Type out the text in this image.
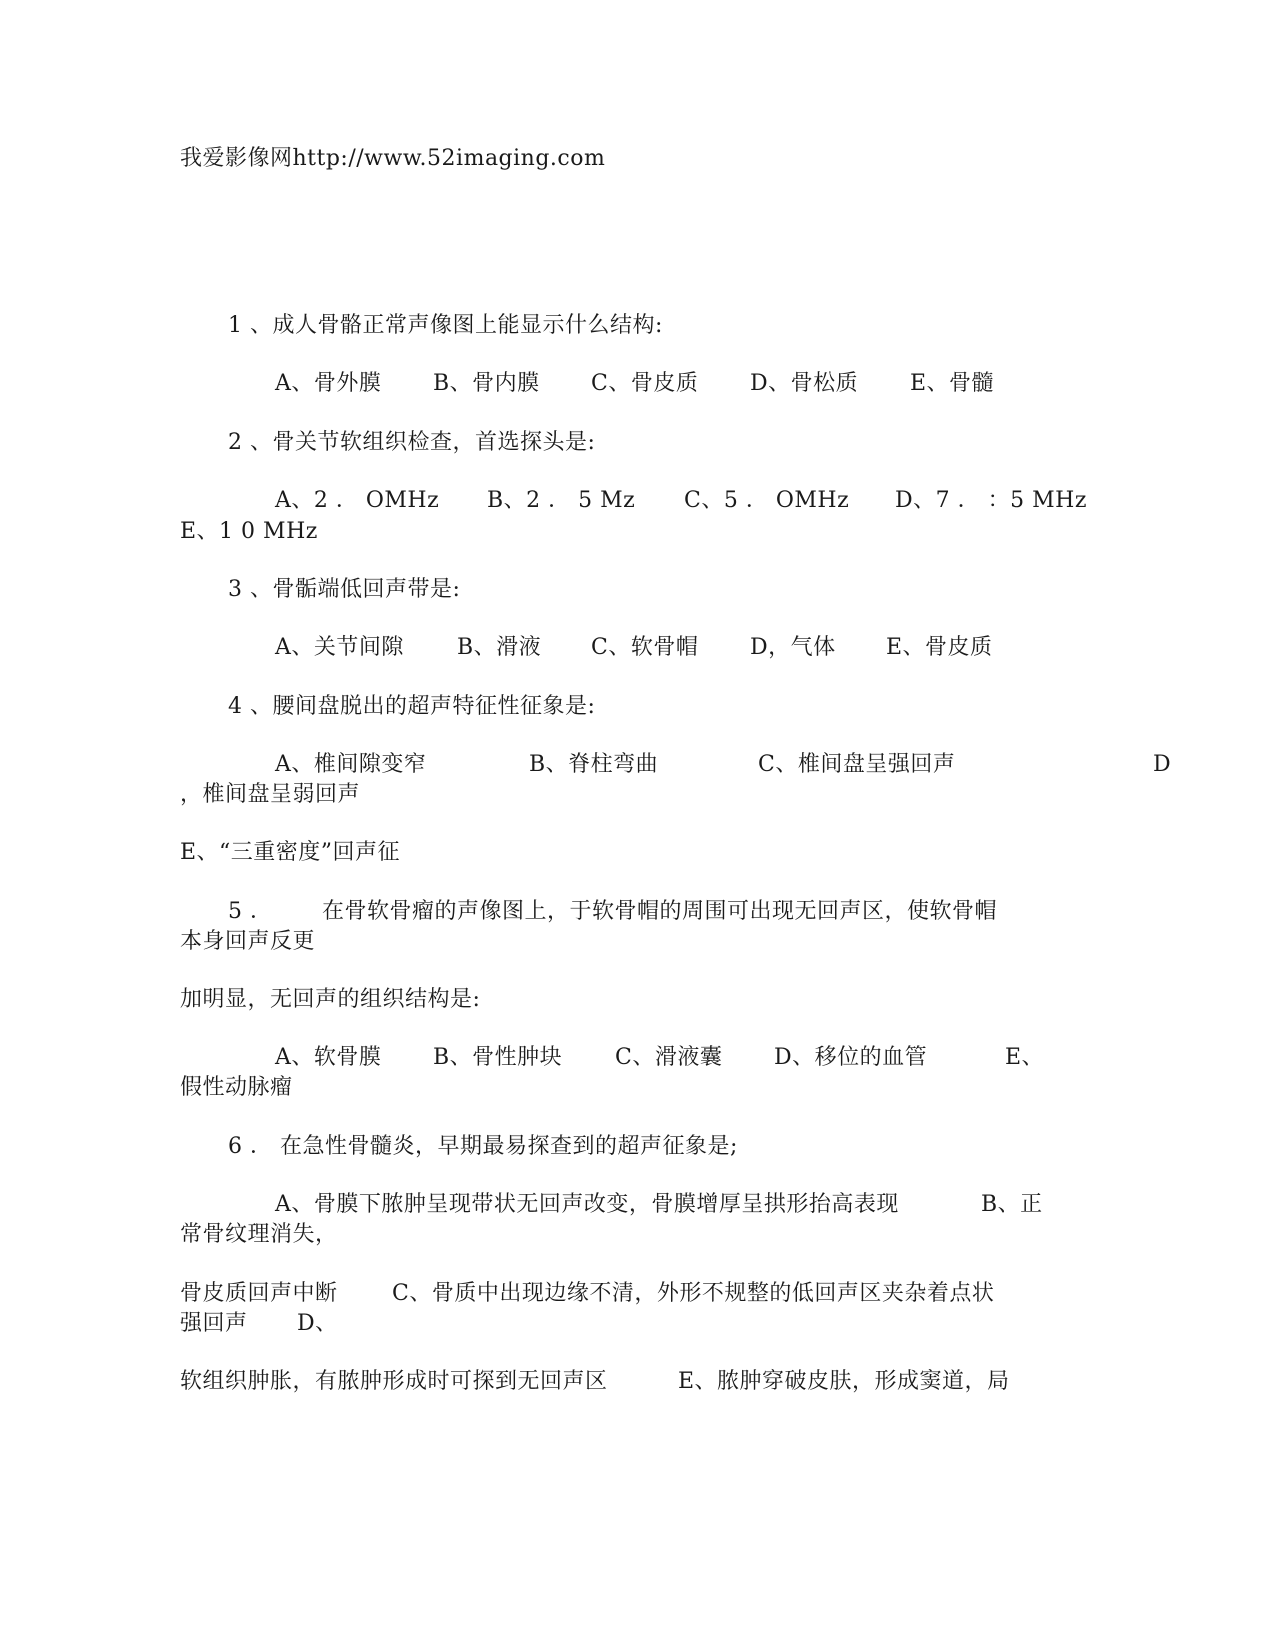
我爱影像网http://www.52imaging.com
1 、成人骨骼正常声像图上能显示什么结构:
A、骨外膜 B、骨内膜 C、骨皮质 D、骨松质 E、骨髓
2 、骨关节软组织检查，首选探头是:
A、2 ． OMHz B、2 ． 5 Mz C、5 ． OMHz D、7 ． ：5 MHz
E、1 0 MHz
3 、骨骺端低回声带是:
A、关节间隙 B、滑液 C、软骨帽 D，气体 E、骨皮质
4 、腰间盘脱出的超声特征性征象是:
A、椎间隙变窄	B、脊柱弯曲	C、椎间盘呈强回声	D
，椎间盘呈弱回声
E、“三重密度”回声征
5 ． 在骨软骨瘤的声像图上，于软骨帽的周围可出现无回声区，使软骨帽
本身回声反更
加明显，无回声的组织结构是:
A、软骨膜 B、骨性肿块 C、滑液囊 D、移位的血管	E、
假性动脉瘤
6 ． 在急性骨髓炎，早期最易探查到的超声征象是;
A、骨膜下脓肿呈现带状无回声改变，骨膜增厚呈拱形抬高表现	B、正
常骨纹理消失，
骨皮质回声中断 C、骨质中出现边缘不清，外形不规整的低回声区夹杂着点状
强回声 D、
软组织肿胀，有脓肿形成时可探到无回声区	E、脓肿穿破皮肤，形成窦道，局
